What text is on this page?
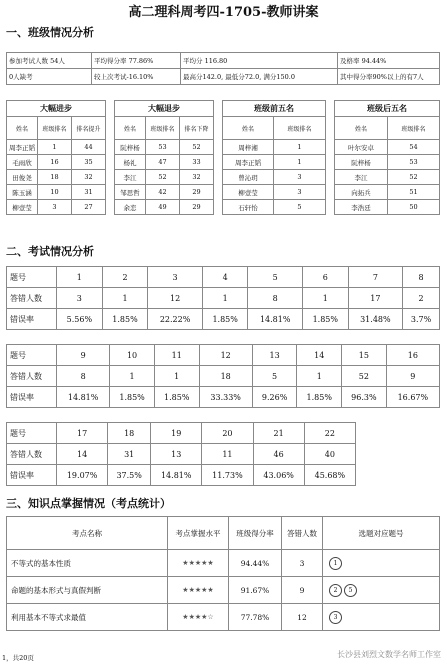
高二理科周考四-1705-教师讲案
一、班级情况分析
参加考试人数 54人	平均得分率 77.86%	平均分 116.80	及格率 94.44%
0人缺考	较上次考试-16.10%	最高分142.0, 最低分72.0, 满分150.0	其中得分率90%以上的有7人
大幅进步
姓名	班级排名	排名提升
周李正韬	1	44
毛雨欣	16	35
田俊尧	18	32
陈玉涵	10	31
柳壹莹	3	27
大幅退步
姓名	班级排名	排名下降
阮梓杨	53	52
杨礼	47	33
李江	52	32
邹思哲	42	29
余恋	49	29
班级前五名
姓名	班级排名
周梓湘	1
周李正韬	1
曾沁玥	3
柳壹莹	3
石轩怡	5
班级后五名
姓名	班级排名
叶尔安卓	54
阮梓杨	53
李江	52
向拓兵	51
李浩廷	50
二、考试情况分析
题号	1	2	3	4	5	6	7	8
答错人数	3	1	12	1	8	1	17	2
错误率	5.56%	1.85%	22.22%	1.85%	14.81%	1.85%	31.48%	3.7%
题号	9	10	11	12	13	14	15	16
答错人数	8	1	1	18	5	1	52	9
错误率	14.81%	1.85%	1.85%	33.33%	9.26%	1.85%	96.3%	16.67%
题号	17	18	19	20	21	22
答错人数	14	31	13	11	46	40
错误率	19.07%	37.5%	14.81%	11.73%	43.06%	45.68%
三、知识点掌握情况（考点统计）
考点名称	考点掌握水平	班级得分率	答错人数	选题对应题号
不等式的基本性质	★★★★★	94.44%	3	1
命题的基本形式与真假判断	★★★★★	91.67%	9	2 5
利用基本不等式求最值	★★★★☆	77.78%	12	3
1，共20页	长沙县刘烈文数学名师工作室
